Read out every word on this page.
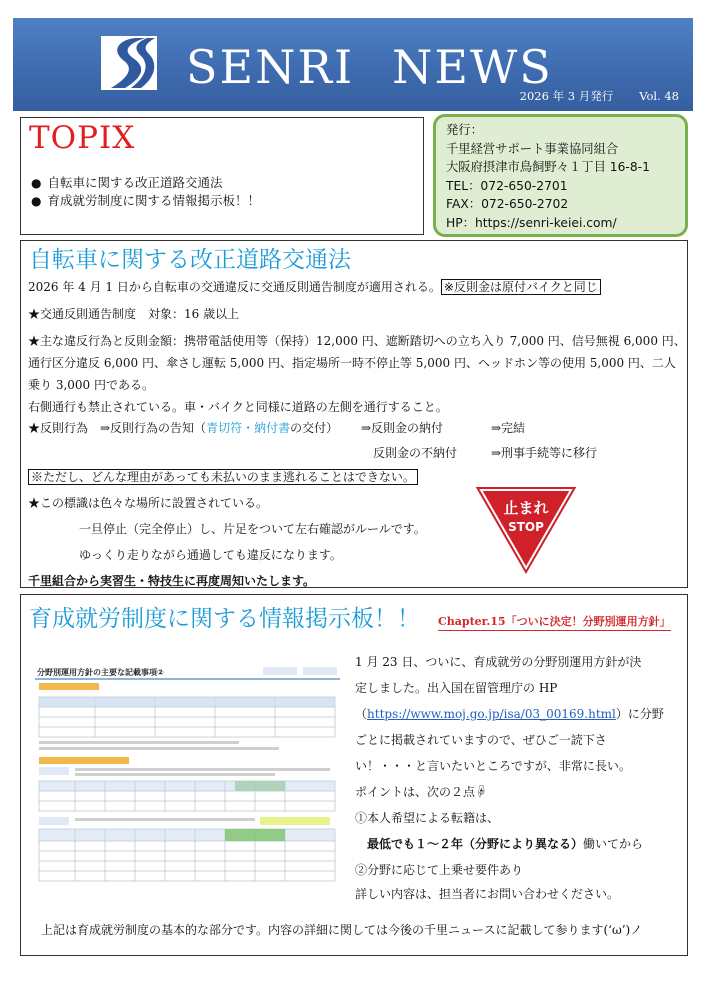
SENRI NEWS
2026 年 3 月発行 Vol. 48
TOPIX
● 自転車に関する改正道路交通法
● 育成就労制度に関する情報掲示板！！
発行：
千里経営サポート事業協同組合
大阪府摂津市鳥飼野々１丁目 16-8-1
TEL：072-650-2701
FAX：072-650-2702
HP：https://senri-keiei.com/
自転車に関する改正道路交通法
2026 年 4 月 1 日から自転車の交通違反に交通反則通告制度が適用される。 ※反則金は原付バイクと同じ
★交通反則通告制度　対象：16 歳以上
★主な違反行為と反則金額：携帯電話使用等（保持）12,000 円、遮断踏切への立ち入り 7,000 円、信号無視 6,000 円、
通行区分違反 6,000 円、傘さし運転 5,000 円、指定場所一時不停止等 5,000 円、ヘッドホン等の使用 5,000 円、二人
乗り 3,000 円である。
右側通行も禁止されている。車・バイクと同様に道路の左側を通行すること。
★反則行為　⇒反則行為の告知（青切符・納付書の交付） ⇒反則金の納付	⇒完結
反則金の不納付	⇒刑事手続等に移行
※ただし、どんな理由があっても未払いのまま逃れることはできない。
★この標識は色々な場所に設置されている。
一旦停止（完全停止）し、片足をついて左右確認がルールです。
ゆっくり走りながら通過しても違反になります。
千里組合から実習生・特技生に再度周知いたします。
止まれ
STOP
育成就労制度に関する情報掲示板！！ Chapter.15「ついに決定！分野別運用方針」
分野別運用方針の主要な記載事項②
1 月 23 日、ついに、育成就労の分野別運用方針が決
定しました。出入国在留管理庁の HP
（https://www.moj.go.jp/isa/03_00169.html）に分野
ごとに掲載されていますので、ぜひご一読下さ
い！・・・と言いたいところですが、非常に長い。
ポイントは、次の２点☟
①本人希望による転籍は、
最低でも１～２年（分野により異なる）働いてから
②分野に応じて上乗せ要件あり
詳しい内容は、担当者にお問い合わせください。
上記は育成就労制度の基本的な部分です。内容の詳細に関しては今後の千里ニュースに記載して参ります(‘ω’)ノ
